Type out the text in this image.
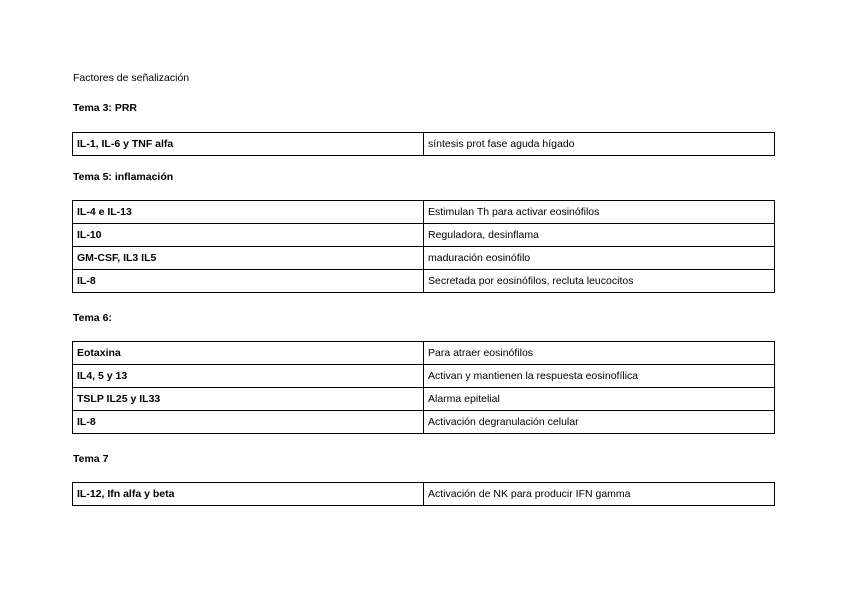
Factores de señalización
Tema 3: PRR
IL-1, IL-6 y TNF alfa	síntesis prot fase aguda hígado
Tema 5: inflamación
IL-4 e IL-13	Estimulan Th para activar eosinófilos
IL-10	Reguladora, desinflama
GM-CSF, IL3 IL5	maduración eosinófilo
IL-8	Secretada por eosinófilos, recluta leucocitos
Tema 6:
Eotaxina	Para atraer eosinófilos
IL4, 5 y 13	Activan y mantienen la respuesta eosinofílica
TSLP IL25 y IL33	Alarma epitelial
IL-8	Activación degranulación celular
Tema 7
IL-12, Ifn alfa y beta	Activación de NK para producir IFN gamma
